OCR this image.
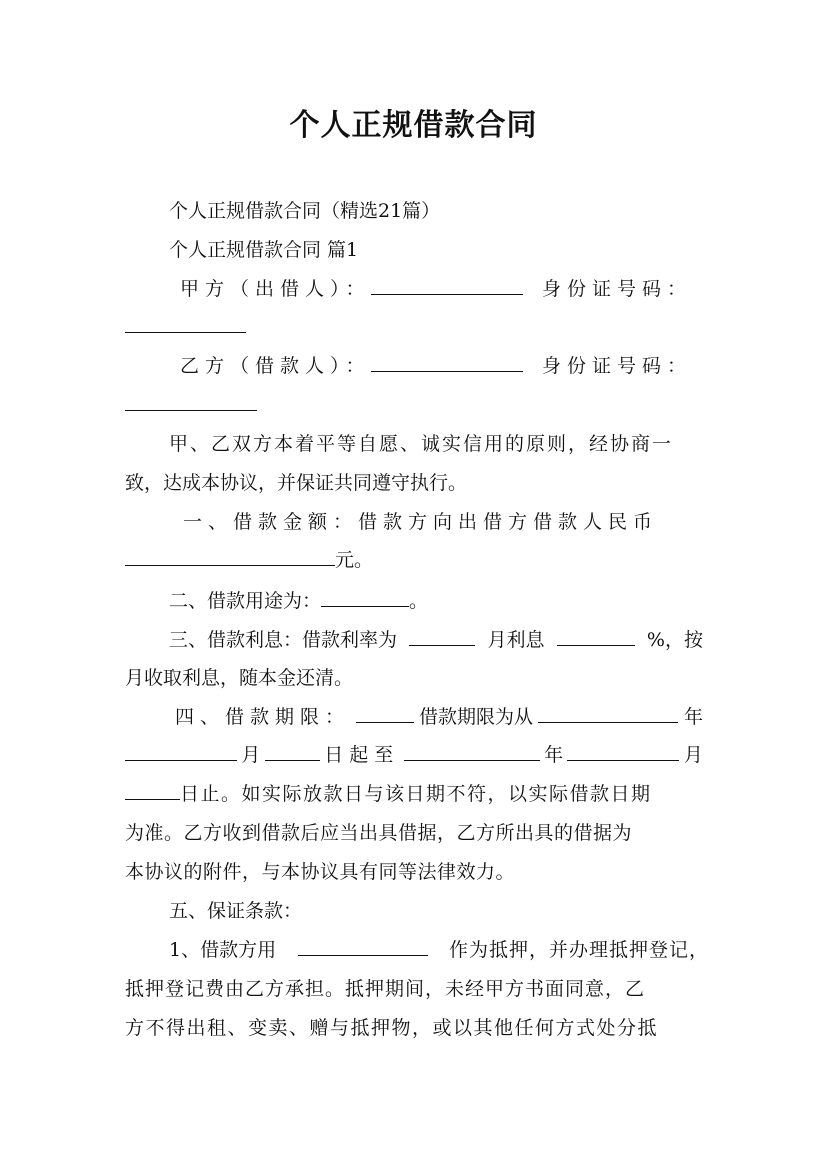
个人正规借款合同
个人正规借款合同（精选21篇）
个人正规借款合同 篇1
甲方（出借人）：	身份证号码：
乙方（借款人）：	身份证号码：
甲、乙双方本着平等自愿、诚实信用的原则，经协商一
致，达成本协议，并保证共同遵守执行。
一、借款金额：借款方向出借方借款人民币
元。
二、借款用途为：	。
三、借款利息：借款利率为	月利息	%，按
月收取利息，随本金还清。
四、借款期限：	借款期限为从	年
月	日起至	年	月
日止。如实际放款日与该日期不符，以实际借款日期
为准。乙方收到借款后应当出具借据，乙方所出具的借据为
本协议的附件，与本协议具有同等法律效力。
五、保证条款：
1、借款方用	作为抵押，并办理抵押登记，
抵押登记费由乙方承担。抵押期间，未经甲方书面同意，乙
方不得出租、变卖、赠与抵押物，或以其他任何方式处分抵
